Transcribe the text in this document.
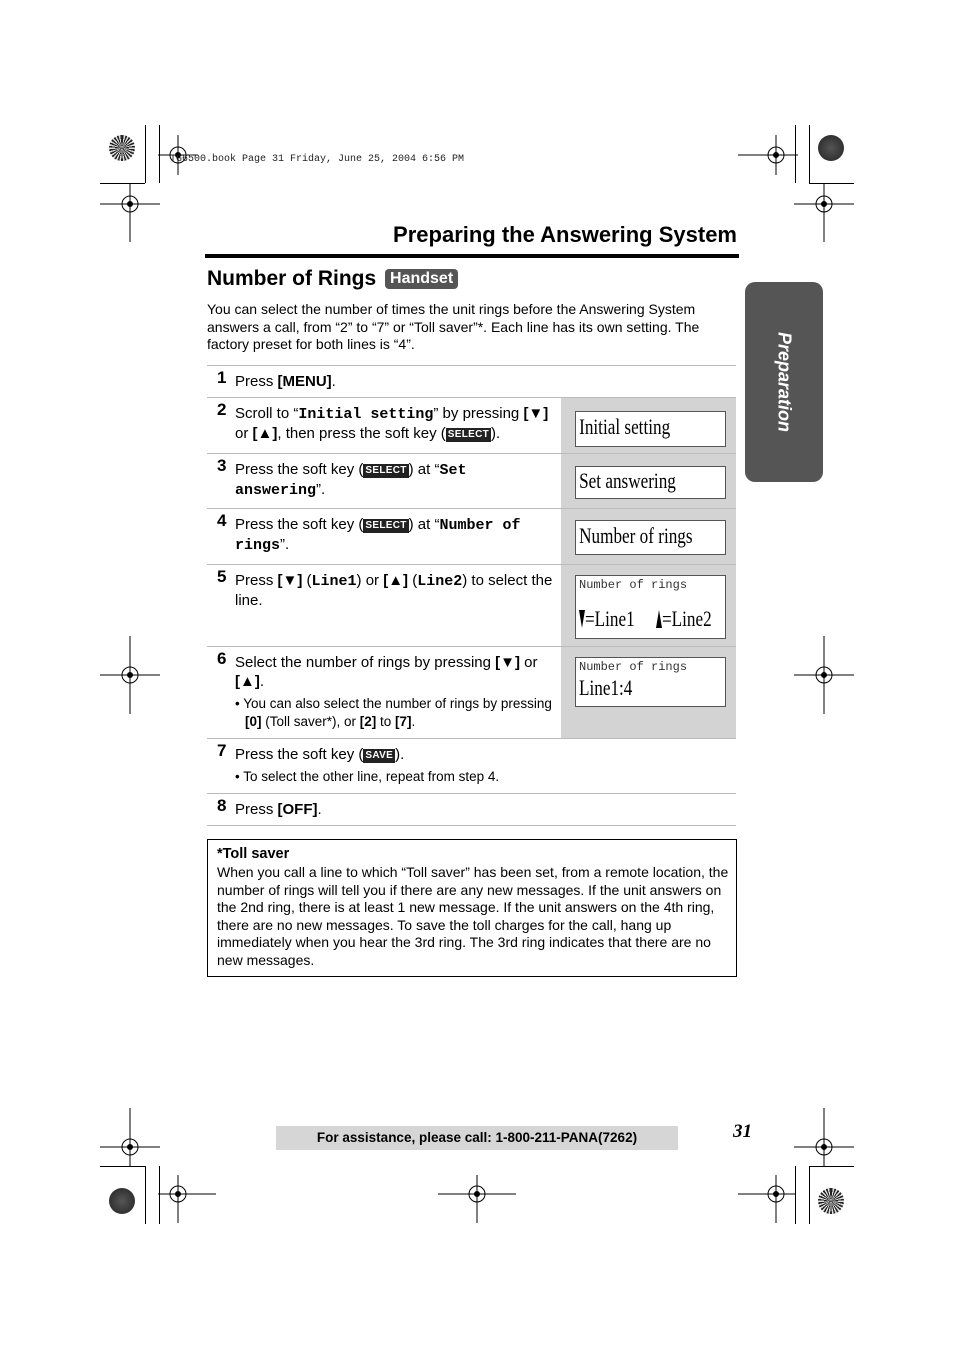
TG6500.book Page 31 Friday, June 25, 2004 6:56 PM
Preparing the Answering System
Number of Rings Handset
You can select the number of times the unit rings before the Answering System answers a call, from “2” to “7” or “Toll saver”*. Each line has its own setting. The factory preset for both lines is “4”.	Preparation
1 Press [MENU].
2 Scroll to “Initial setting” by pressing [▼] or [▲], then press the soft key ( SELECT ).	Initial setting
3 Press the soft key ( SELECT ) at “Set answering”.	Set answering
4 Press the soft key ( SELECT ) at “Number of rings”.	Number of rings
5 Press [▼] (Line1) or [▲] (Line2) to select the line.
Number of rings
=Line1	=Line2
6 Select the number of rings by pressing [▼] or [▲].
• You can also select the number of rings by pressing [0] (Toll saver*), or [2] to [7].
Number of rings
Line1:4
7 Press the soft key ( SAVE ).
• To select the other line, repeat from step 4.
8 Press [OFF].
*Toll saver
When you call a line to which “Toll saver” has been set, from a remote location, the number of rings will tell you if there are any new messages. If the unit answers on the 2nd ring, there is at least 1 new message. If the unit answers on the 4th ring, there are no new messages. To save the toll charges for the call, hang up immediately when you hear the 3rd ring. The 3rd ring indicates that there are no new messages.
For assistance, please call: 1-800-211-PANA(7262)	31
